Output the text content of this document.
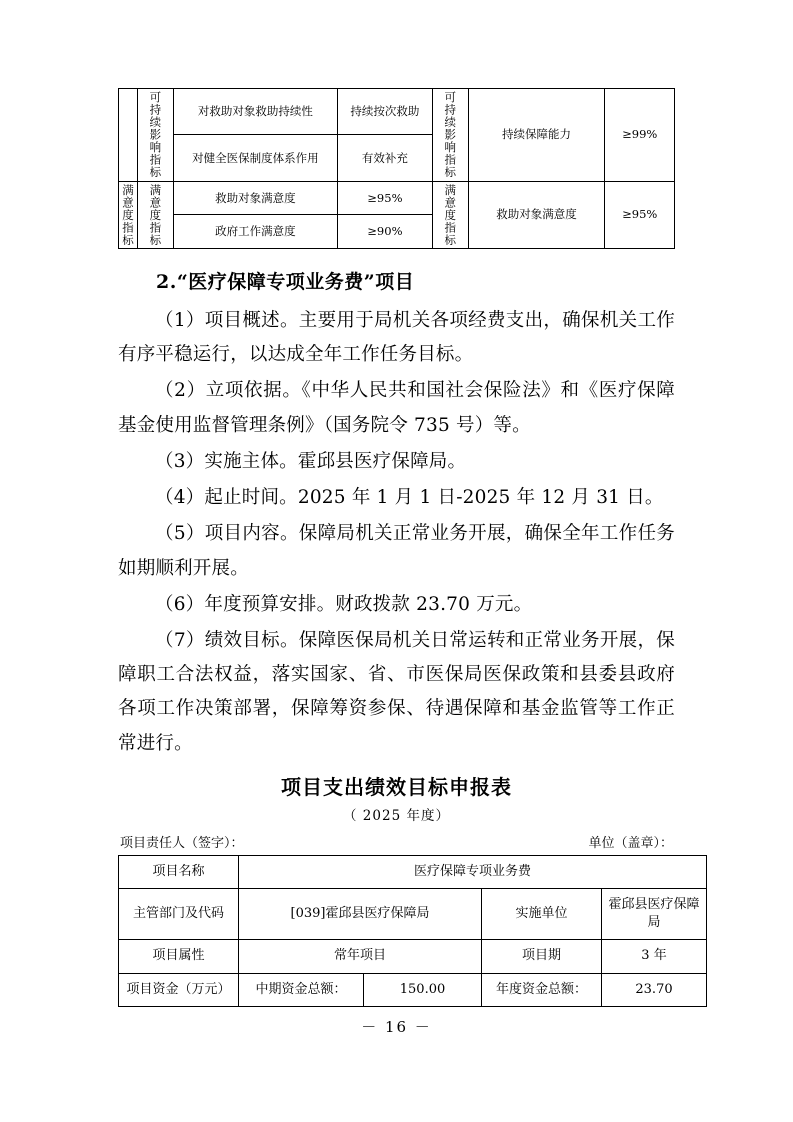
	可持续影响指标	对救助对象救助持续性	持续按次救助	可持续影响指标	持续保障能力	≥99%
		对健全医保制度体系作用	有效补充			

满意度指标	满意度指标	救助对象满意度	≥95%	满意度指标	救助对象满意度	≥95%
		政府工作满意度	≥90%			
2.“医疗保障专项业务费”项目

（1）项目概述。主要用于局机关各项经费支出，确保机关工作有序平稳运行，以达成全年工作任务目标。

（2）立项依据。《中华人民共和国社会保险法》和《医疗保障基金使用监督管理条例》（国务院令 735 号）等。

（3）实施主体。霍邱县医疗保障局。

（4）起止时间。2025 年 1 月 1 日-2025 年 12 月 31 日。

（5）项目内容。保障局机关正常业务开展，确保全年工作任务如期顺利开展。

（6）年度预算安排。财政拨款 23.70 万元。

（7）绩效目标。保障医保局机关日常运转和正常业务开展，保障职工合法权益，落实国家、省、市医保局医保政策和县委县政府各项工作决策部署，保障筹资参保、待遇保障和基金监管等工作正常进行。

项目支出绩效目标申报表
（ 2025 年度）
项目责任人（签字）：	单位（盖章）：
项目名称	医疗保障专项业务费			
主管部门及代码	[039]霍邱县医疗保障局		实施单位	霍邱县医疗保障局
项目属性	常年项目		项目期	3 年
项目资金（万元）	中期资金总额：	150.00	年度资金总额：	23.70
－ 16 －
